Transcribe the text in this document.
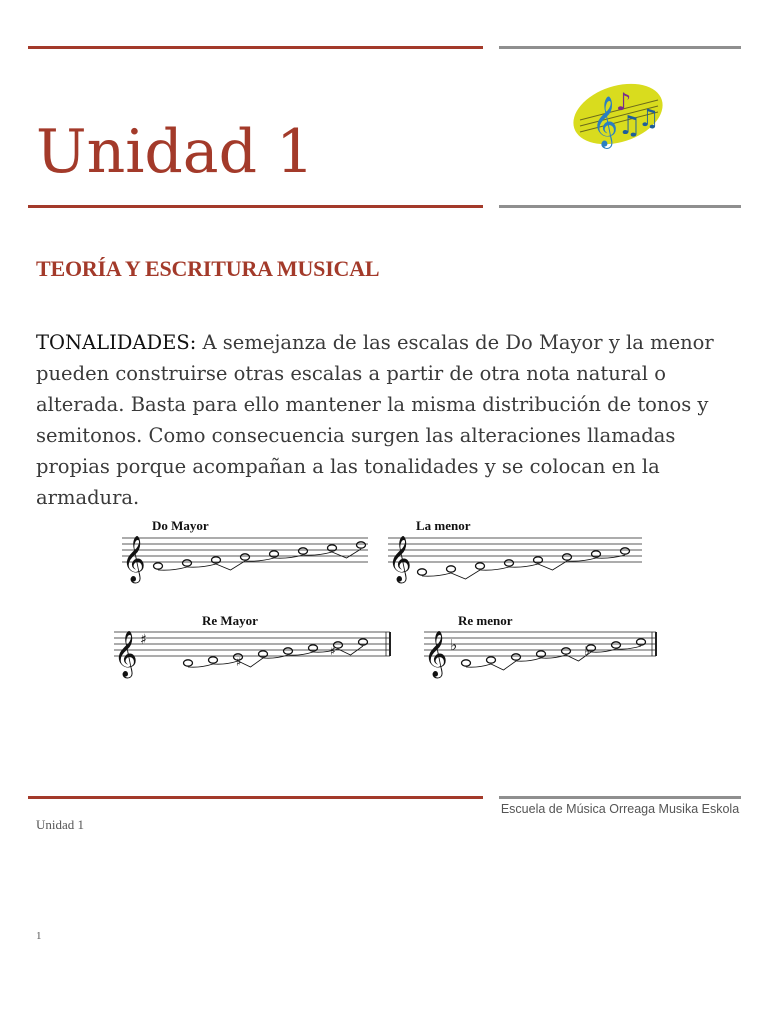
𝄞
♪
♫
♫
Unidad 1
TEORÍA Y ESCRITURA MUSICAL

TONALIDADES: A semejanza de las escalas de Do Mayor y la menor pueden construirse otras escalas a partir de otra nota natural o alterada. Basta para ello mantener la misma distribución de tonos y semitonos. Como consecuencia surgen las alteraciones llamadas propias porque acompañan a las tonalidades y se colocan en la armadura.

Do Mayor	La menor
Re Mayor	Re menor
𝄞	𝄞
𝄞	𝄞
♯	♭
♯
♯	♭
Unidad 1
Escuela de Música Orreaga Musika Eskola
1
